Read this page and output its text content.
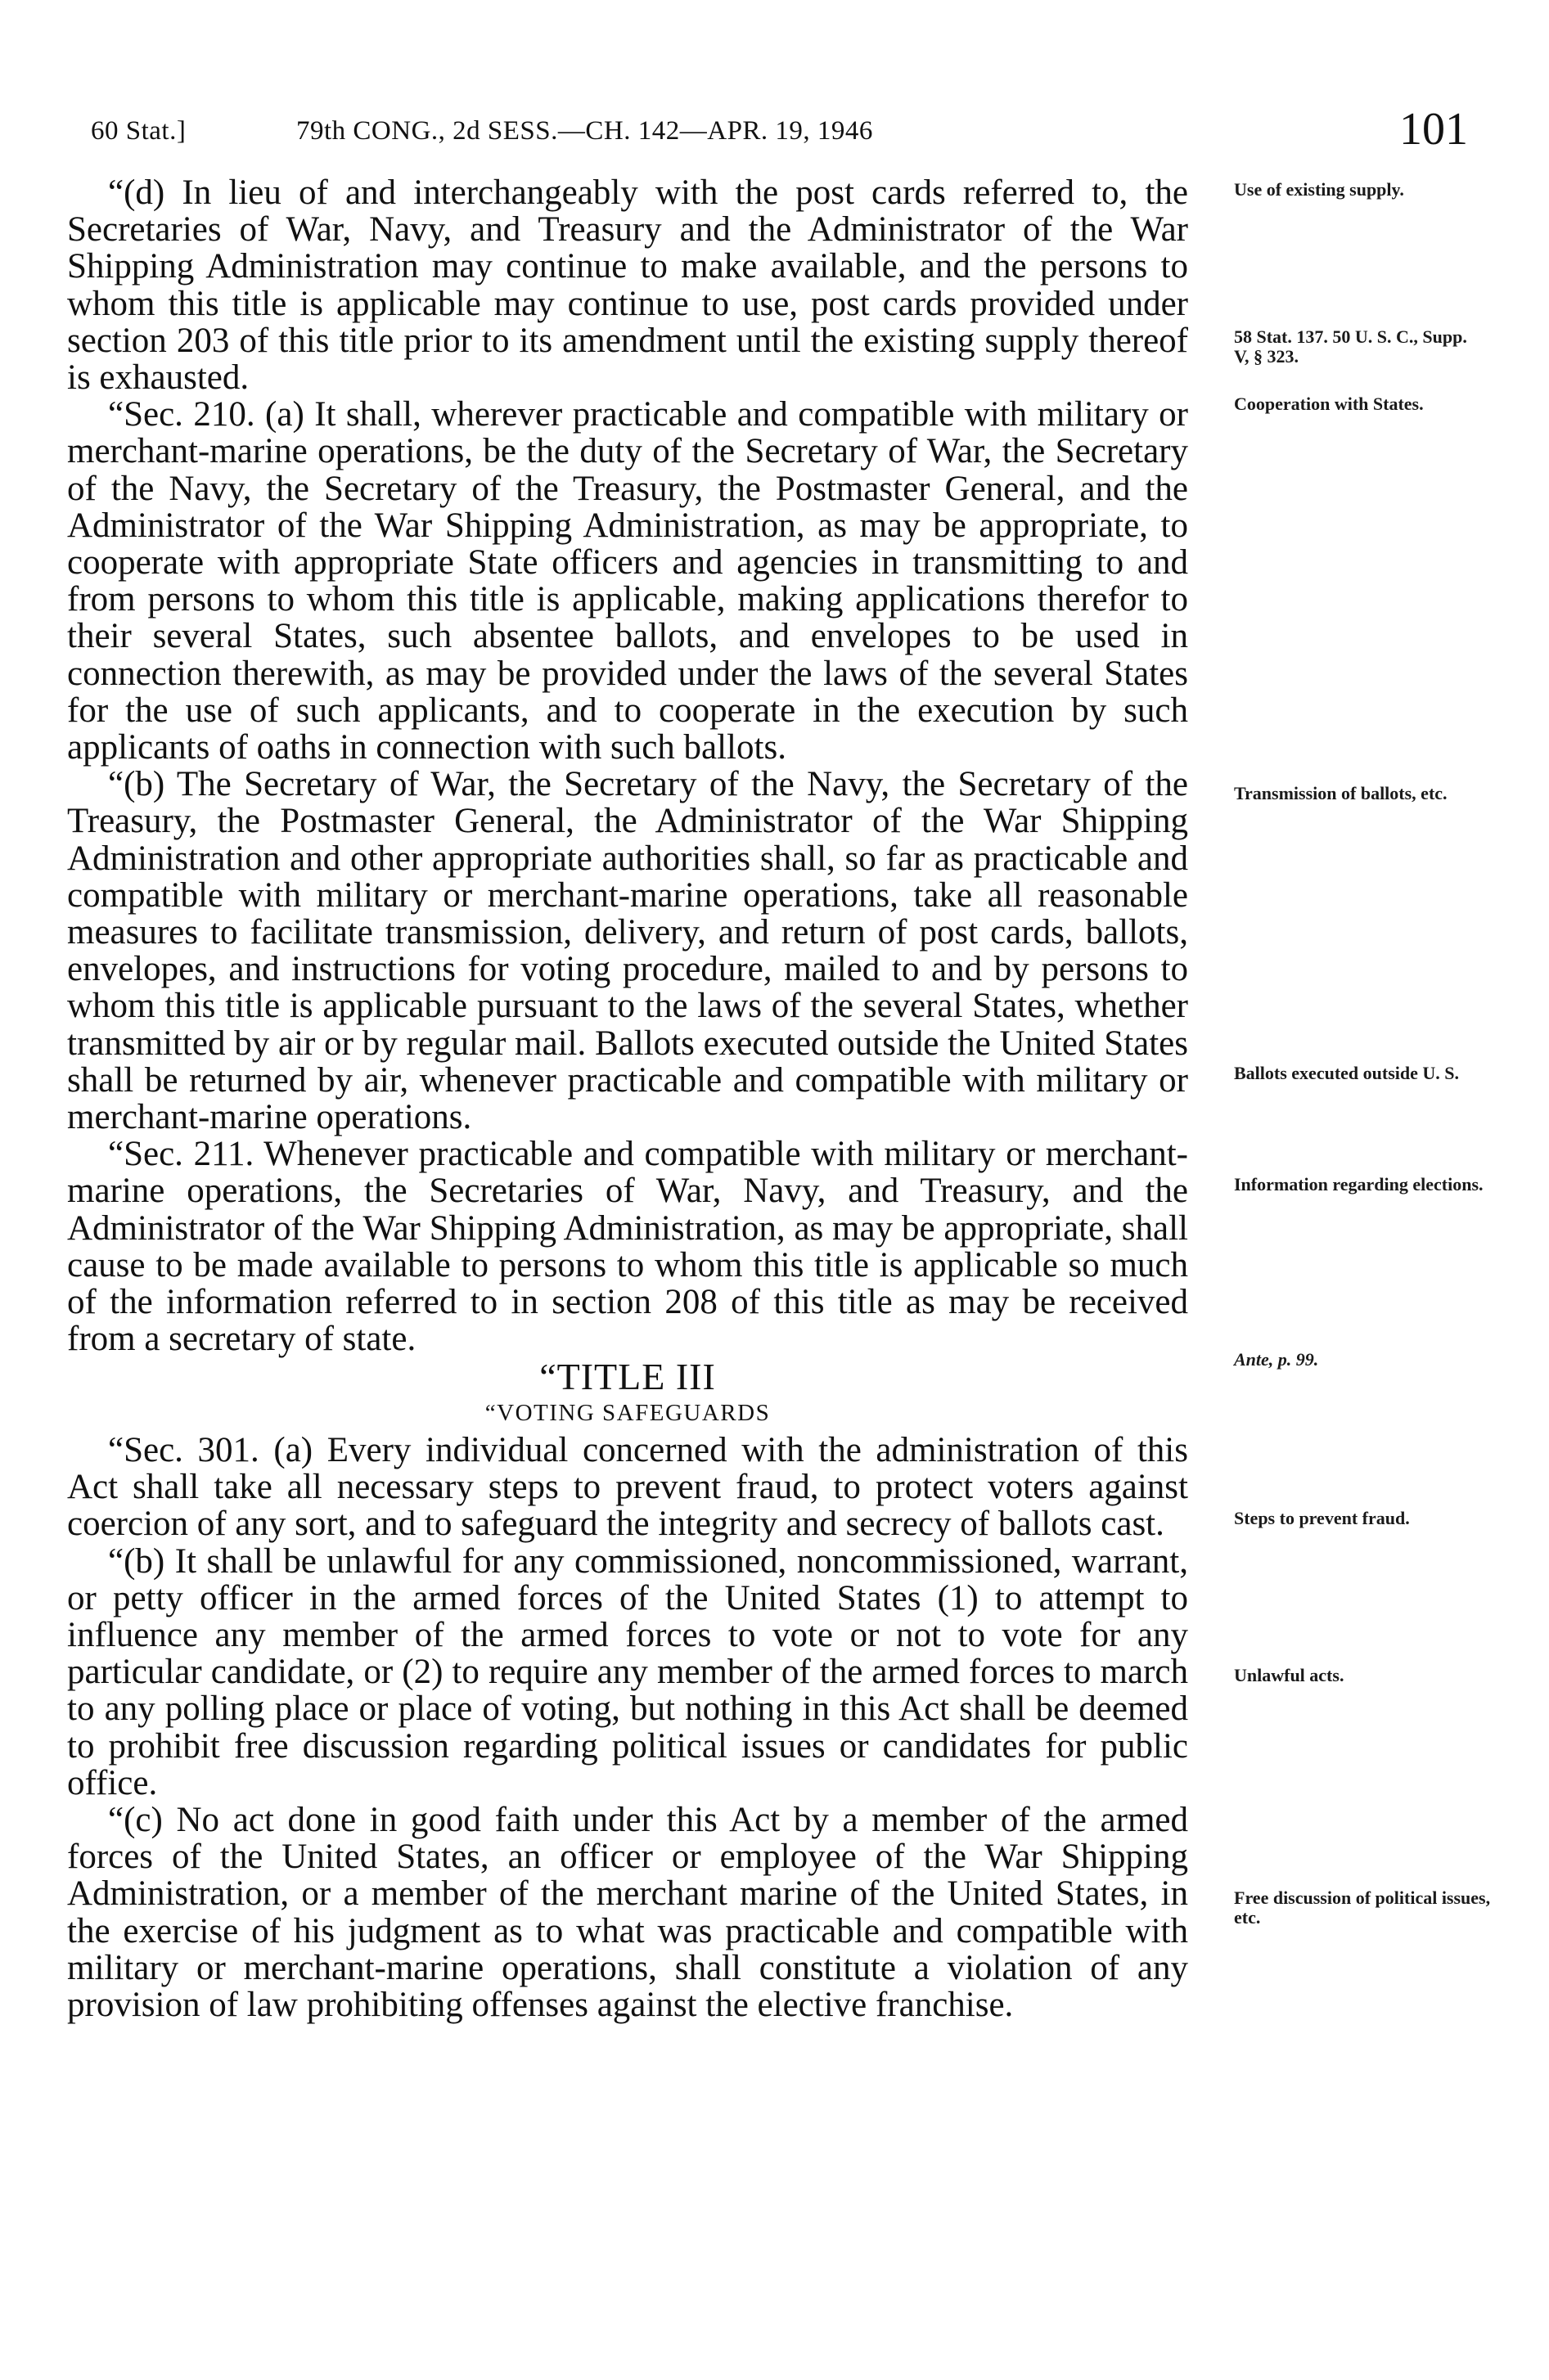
60 Stat.]	79th CONG., 2d SESS.—CH. 142—APR. 19, 1946	101

“(d) In lieu of and interchangeably with the post cards referred to, the Secretaries of War, Navy, and Treasury and the Administrator of the War Shipping Administration may continue to make available, and the persons to whom this title is applicable may continue to use, post cards provided under section 203 of this title prior to its amendment until the existing supply thereof is exhausted.

“Sec. 210. (a) It shall, wherever practicable and compatible with military or merchant-marine operations, be the duty of the Secretary of War, the Secretary of the Navy, the Secretary of the Treasury, the Postmaster General, and the Administrator of the War Shipping Administration, as may be appropriate, to cooperate with appropriate State officers and agencies in transmitting to and from persons to whom this title is applicable, making applications therefor to their several States, such absentee ballots, and envelopes to be used in connection therewith, as may be provided under the laws of the several States for the use of such applicants, and to cooperate in the execution by such applicants of oaths in connection with such ballots.

“(b) The Secretary of War, the Secretary of the Navy, the Secretary of the Treasury, the Postmaster General, the Administrator of the War Shipping Administration and other appropriate authorities shall, so far as practicable and compatible with military or merchant-marine operations, take all reasonable measures to facilitate transmission, delivery, and return of post cards, ballots, envelopes, and instructions for voting procedure, mailed to and by persons to whom this title is applicable pursuant to the laws of the several States, whether transmitted by air or by regular mail. Ballots executed outside the United States shall be returned by air, whenever practicable and compatible with military or merchant-marine operations.

“Sec. 211. Whenever practicable and compatible with military or merchant-marine operations, the Secretaries of War, Navy, and Treasury, and the Administrator of the War Shipping Administration, as may be appropriate, shall cause to be made available to persons to whom this title is applicable so much of the information referred to in section 208 of this title as may be received from a secretary of state.

“TITLE III

“VOTING SAFEGUARDS

“Sec. 301. (a) Every individual concerned with the administration of this Act shall take all necessary steps to prevent fraud, to protect voters against coercion of any sort, and to safeguard the integrity and secrecy of ballots cast.

“(b) It shall be unlawful for any commissioned, noncommissioned, warrant, or petty officer in the armed forces of the United States (1) to attempt to influence any member of the armed forces to vote or not to vote for any particular candidate, or (2) to require any member of the armed forces to march to any polling place or place of voting, but nothing in this Act shall be deemed to prohibit free discussion regarding political issues or candidates for public office.

“(c) No act done in good faith under this Act by a member of the armed forces of the United States, an officer or employee of the War Shipping Administration, or a member of the merchant marine of the United States, in the exercise of his judgment as to what was practicable and compatible with military or merchant-marine operations, shall constitute a violation of any provision of law prohibiting offenses against the elective franchise.

Use of existing supply.
58 Stat. 137. 50 U. S. C., Supp. V, § 323.
Cooperation with States.
Transmission of ballots, etc.
Ballots executed outside U. S.
Information regarding elections.
Ante, p. 99.
Steps to prevent fraud.
Unlawful acts.
Free discussion of political issues, etc.
